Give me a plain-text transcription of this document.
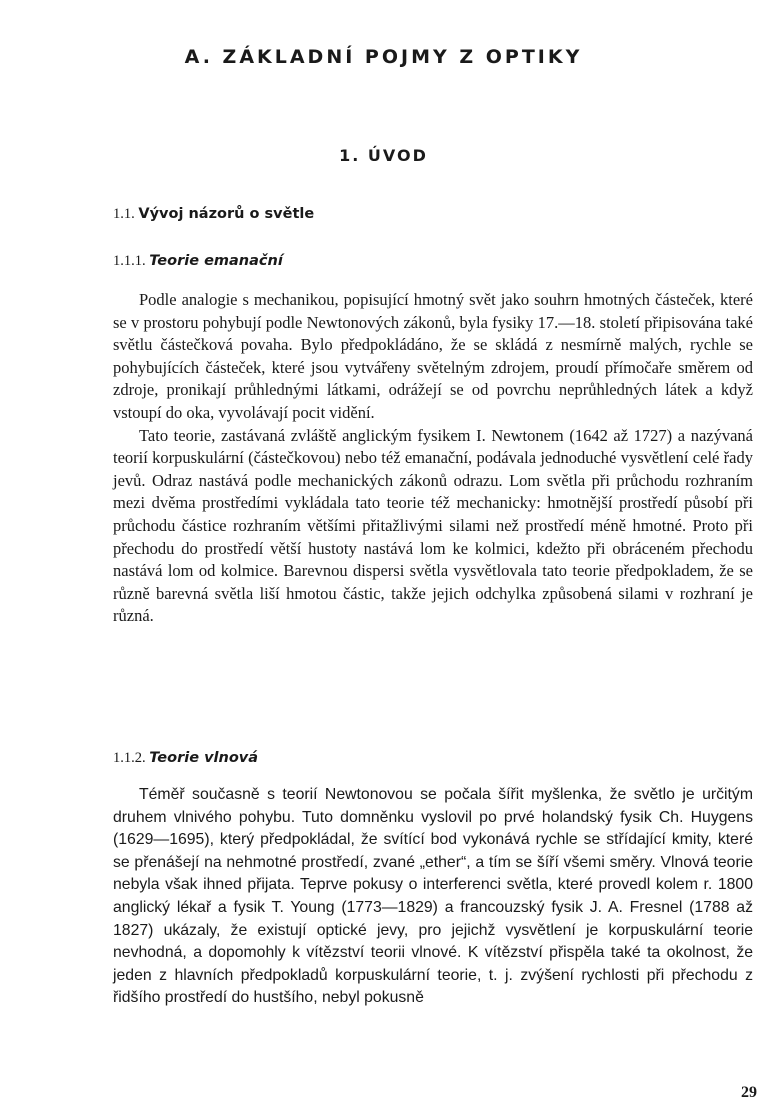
A. ZÁKLADNÍ POJMY Z OPTIKY
1. ÚVOD
1.1. Vývoj názorů o světle
1.1.1. Teorie emanační

Podle analogie s mechanikou, popisující hmotný svět jako souhrn hmotných částeček, které se v prostoru pohybují podle Newtonových zákonů, byla fysiky 17.—18. století připisována také světlu částečková povaha. Bylo předpokládáno, že se skládá z nesmírně malých, rychle se pohybujících částeček, které jsou vytvářeny světelným zdrojem, proudí přímočaře směrem od zdroje, pronikají průhlednými látkami, odrážejí se od povrchu neprůhledných látek a když vstoupí do oka, vyvolávají pocit vidění.

Tato teorie, zastávaná zvláště anglickým fysikem I. Newtonem (1642 až 1727) a nazývaná teorií korpuskulární (částečkovou) nebo též emanační, podávala jednoduché vysvětlení celé řady jevů. Odraz nastává podle mechanických zákonů odrazu. Lom světla při průchodu rozhraním mezi dvěma prostředími vykládala tato teorie též mechanicky: hmotnější prostředí působí při průchodu částice rozhraním většími přitažlivými silami než prostředí méně hmotné. Proto při přechodu do prostředí větší hustoty nastává lom ke kolmici, kdežto při obráceném přechodu nastává lom od kolmice. Barevnou dispersi světla vysvětlovala tato teorie předpokladem, že se různě barevná světla liší hmotou částic, takže jejich odchylka způsobená silami v rozhraní je různá.

1.1.2. Teorie vlnová

Téměř současně s teorií Newtonovou se počala šířit myšlenka, že světlo je určitým druhem vlnivého pohybu. Tuto domněnku vyslovil po prvé holandský fysik Ch. Huygens (1629—1695), který předpokládal, že svítící bod vykonává rychle se střídající kmity, které se přenášejí na nehmotné prostředí, zvané „ether“, a tím se šíří všemi směry. Vlnová teorie nebyla však ihned přijata. Teprve pokusy o interferenci světla, které provedl kolem r. 1800 anglický lékař a fysik T. Young (1773—1829) a francouzský fysik J. A. Fresnel (1788 až 1827) ukázaly, že existují optické jevy, pro jejichž vysvětlení je korpuskulární teorie nevhodná, a dopomohly k vítězství teorii vlnové. K vítězství přispěla také ta okolnost, že jeden z hlavních předpokladů korpuskulární teorie, t. j. zvýšení rychlosti při přechodu z řidšího prostředí do hustšího, nebyl pokusně

29
